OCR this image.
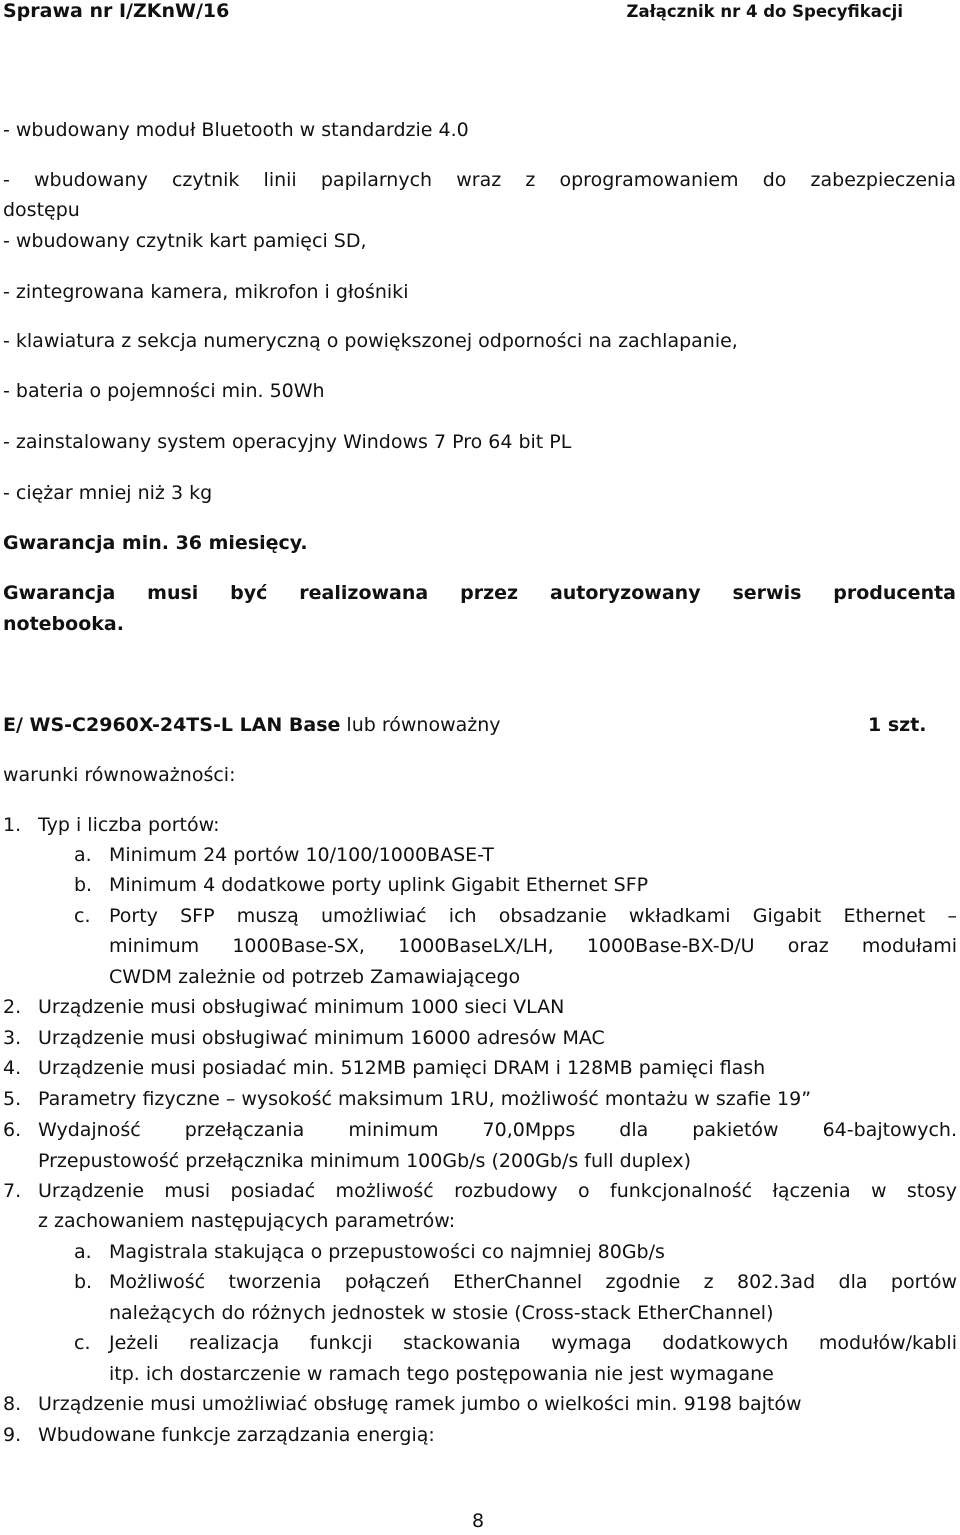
Sprawa nr I/ZKnW/16	Załącznik nr 4 do Specyfikacji
- wbudowany moduł Bluetooth w standardzie 4.0
- wbudowany czytnik linii papilarnych wraz z oprogramowaniem do zabezpieczenia
dostępu
- wbudowany czytnik kart pamięci SD,
- zintegrowana kamera, mikrofon i głośniki
- klawiatura z sekcja numeryczną o powiększonej odporności na zachlapanie,
- bateria o pojemności min. 50Wh
- zainstalowany system operacyjny Windows 7 Pro 64 bit PL
- ciężar mniej niż 3 kg
Gwarancja min. 36 miesięcy.
Gwarancja musi być realizowana przez autoryzowany serwis producenta
notebooka.
E/ WS-C2960X-24TS-L LAN Base lub równoważny	1 szt.
warunki równoważności:
1. Typ i liczba portów:
a. Minimum 24 portów 10/100/1000BASE-T
b. Minimum 4 dodatkowe porty uplink Gigabit Ethernet SFP
c. Porty SFP muszą umożliwiać ich obsadzanie wkładkami Gigabit Ethernet –
minimum 1000Base-SX, 1000BaseLX/LH, 1000Base-BX-D/U oraz modułami
CWDM zależnie od potrzeb Zamawiającego
2. Urządzenie musi obsługiwać minimum 1000 sieci VLAN
3. Urządzenie musi obsługiwać minimum 16000 adresów MAC
4. Urządzenie musi posiadać min. 512MB pamięci DRAM i 128MB pamięci flash
5. Parametry fizyczne – wysokość maksimum 1RU, możliwość montażu w szafie 19”
6. Wydajność przełączania minimum 70,0Mpps dla pakietów 64-bajtowych.
Przepustowość przełącznika minimum 100Gb/s (200Gb/s full duplex)
7. Urządzenie musi posiadać możliwość rozbudowy o funkcjonalność łączenia w stosy
z zachowaniem następujących parametrów:
a. Magistrala stakująca o przepustowości co najmniej 80Gb/s
b. Możliwość tworzenia połączeń EtherChannel zgodnie z 802.3ad dla portów
należących do różnych jednostek w stosie (Cross-stack EtherChannel)
c. Jeżeli realizacja funkcji stackowania wymaga dodatkowych modułów/kabli
itp. ich dostarczenie w ramach tego postępowania nie jest wymagane
8. Urządzenie musi umożliwiać obsługę ramek jumbo o wielkości min. 9198 bajtów
9. Wbudowane funkcje zarządzania energią:
8
